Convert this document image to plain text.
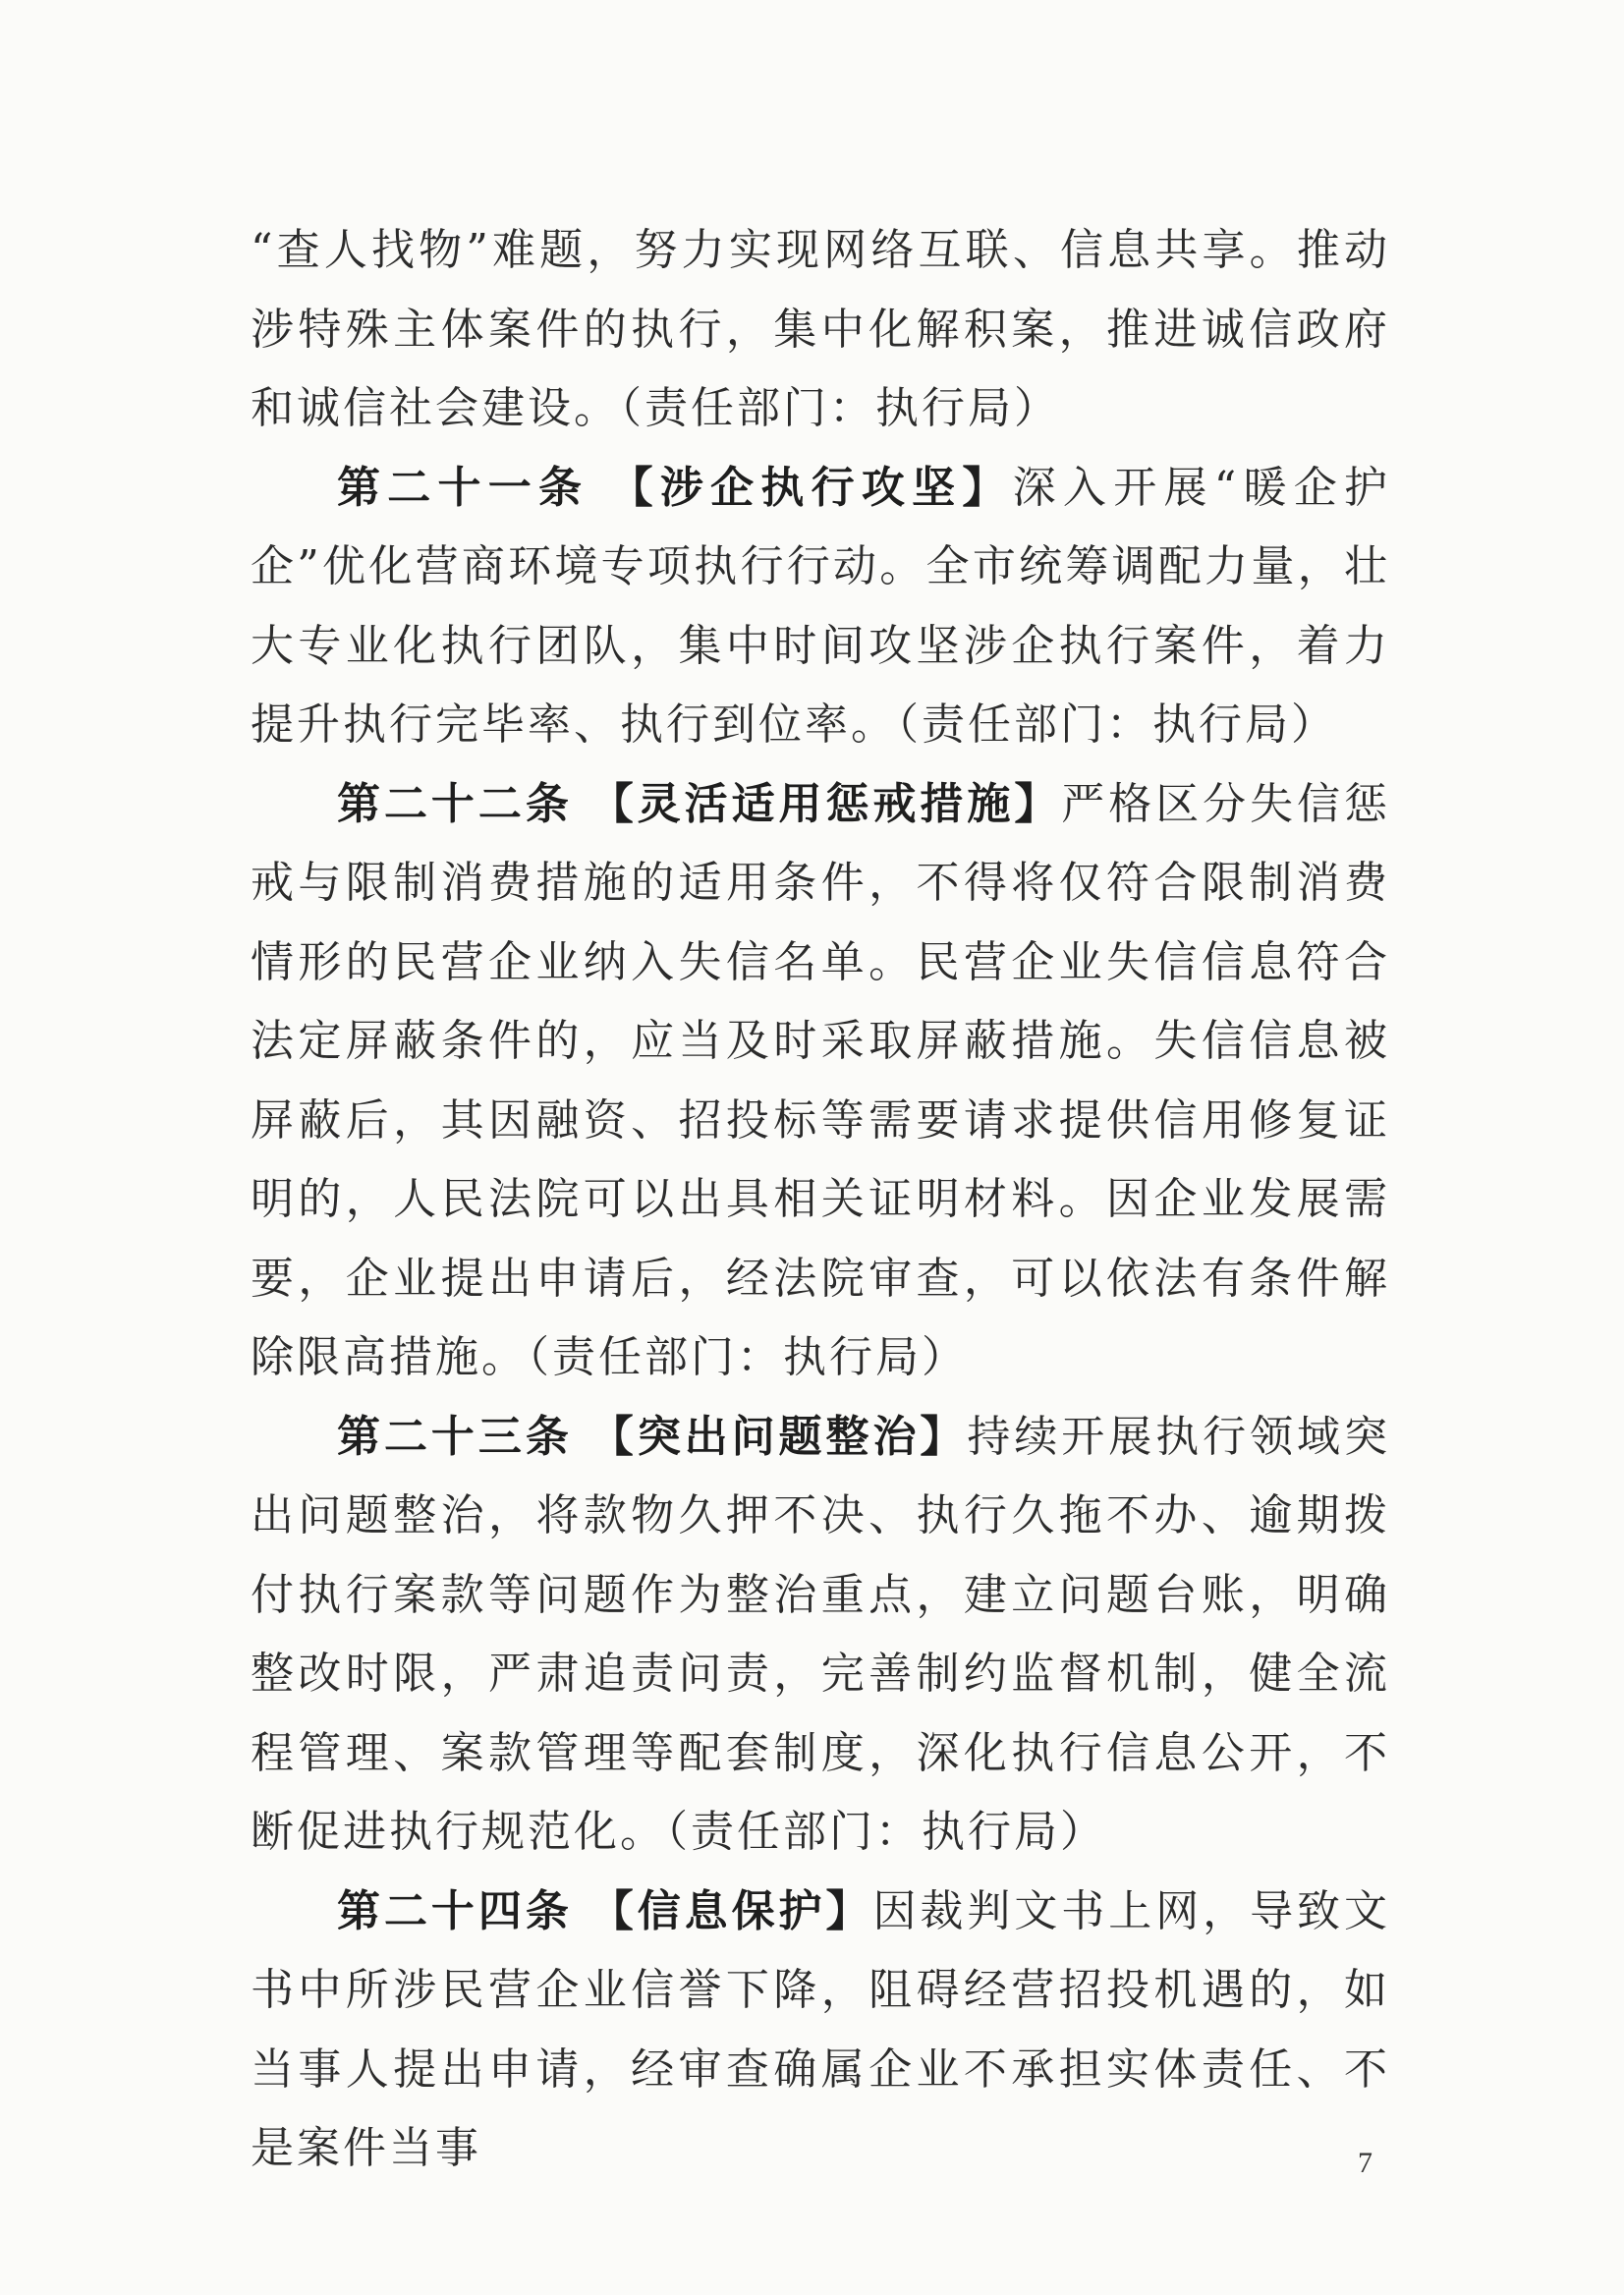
“查人找物”难题，努力实现网络互联、信息共享。推动涉特殊主体案件的执行，集中化解积案，推进诚信政府和诚信社会建设。（责任部门：执行局）

第二十一条 【涉企执行攻坚】深入开展“暖企护企”优化营商环境专项执行行动。全市统筹调配力量，壮大专业化执行团队，集中时间攻坚涉企执行案件，着力提升执行完毕率、执行到位率。（责任部门：执行局）

第二十二条 【灵活适用惩戒措施】严格区分失信惩戒与限制消费措施的适用条件，不得将仅符合限制消费情形的民营企业纳入失信名单。民营企业失信信息符合法定屏蔽条件的，应当及时采取屏蔽措施。失信信息被屏蔽后，其因融资、招投标等需要请求提供信用修复证明的，人民法院可以出具相关证明材料。因企业发展需要，企业提出申请后，经法院审查，可以依法有条件解除限高措施。（责任部门：执行局）

第二十三条 【突出问题整治】持续开展执行领域突出问题整治，将款物久押不决、执行久拖不办、逾期拨付执行案款等问题作为整治重点，建立问题台账，明确整改时限，严肃追责问责，完善制约监督机制，健全流程管理、案款管理等配套制度，深化执行信息公开，不断促进执行规范化。（责任部门：执行局）

第二十四条 【信息保护】因裁判文书上网，导致文书中所涉民营企业信誉下降，阻碍经营招投机遇的，如当事人提出申请，经审查确属企业不承担实体责任、不是案件当事	7
